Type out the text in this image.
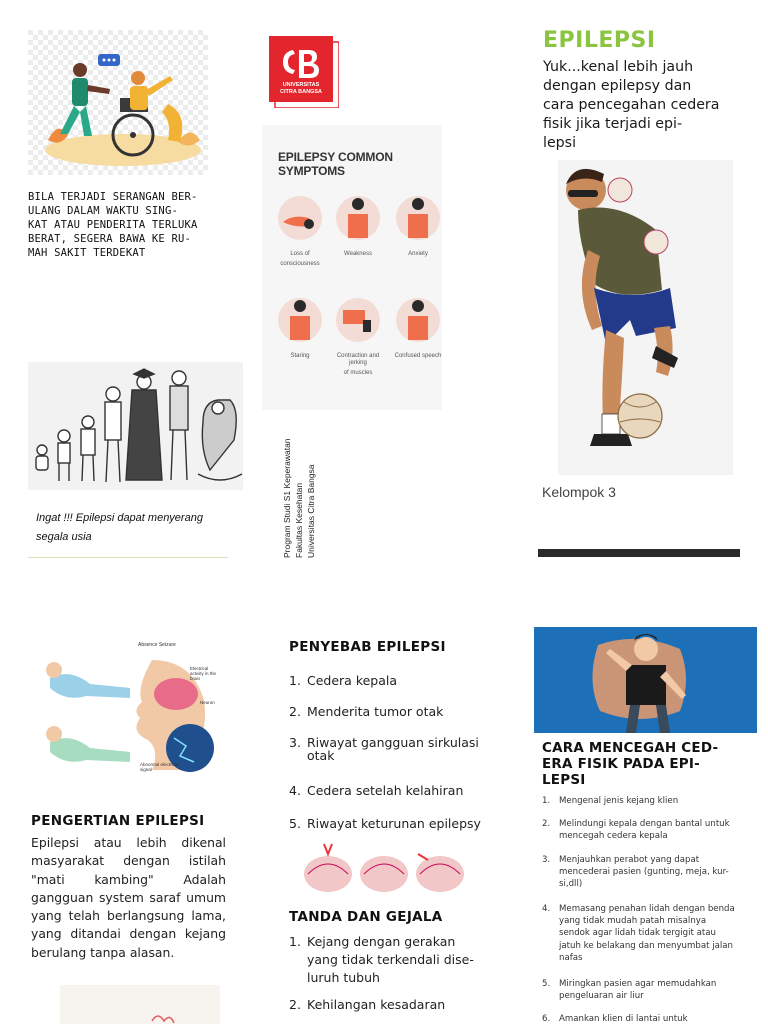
BILA TERJADI SERANGAN BER-
ULANG DALAM WAKTU SING-
KAT ATAU PENDERITA TERLUKA
BERAT, SEGERA BAWA KE RU-
MAH SAKIT TERDEKAT
Ingat !!! Epilepsi dapat menyerang
segala usia
UNIVERSITAS
CITRA BANGSA
EPILEPSY COMMON SYMPTOMS
Loss of
consciousness
Weakness	Anxiety
Staring	Contraction and jerking
of muscles
Confused speech
Program Studi S1 Keperawatan Fakultas Kesehatan Universitas Citra Bangsa
EPILEPSI
Yuk...kenal lebih jauh
dengan epilepsy dan
cara pencegahan cedera
fisik jika terjadi epi-
lepsi
Kelompok 3
Absence Seizure
Electrical activity in the brain
Neuron
Abnormal electrical signal
PENGERTIAN EPILEPSI
Epilepsi atau lebih dikenal
masyarakat dengan istilah
"mati kambing" Adalah
gangguan system saraf umum
yang telah berlangsung lama,
yang ditandai dengan kejang
berulang tanpa alasan.
PENYEBAB EPILEPSI
1. Cedera kepala
2. Menderita tumor otak
3. Riwayat gangguan sirkulasi
otak
4. Cedera setelah kelahiran
5. Riwayat keturunan epilepsy
TANDA DAN GEJALA
1. Kejang dengan gerakan
yang tidak terkendali dise-
luruh tubuh
2. Kehilangan kesadaran
CARA MENCEGAH CED-
ERA FISIK PADA EPI-
LEPSI
1.	Mengenal jenis kejang klien
2.	Melindungi kepala dengan bantal untuk
mencegah cedera kepala
3.	Menjauhkan perabot yang dapat
mencederai pasien (gunting, meja, kur-
si,dll)
4.	Memasang penahan lidah dengan benda
yang tidak mudah patah misalnya
sendok agar lidah tidak tergigit atau
jatuh ke belakang dan menyumbat jalan
nafas
5.	Miringkan pasien agar memudahkan
pengeluaran air liur
6.	Amankan klien di lantai untuk
